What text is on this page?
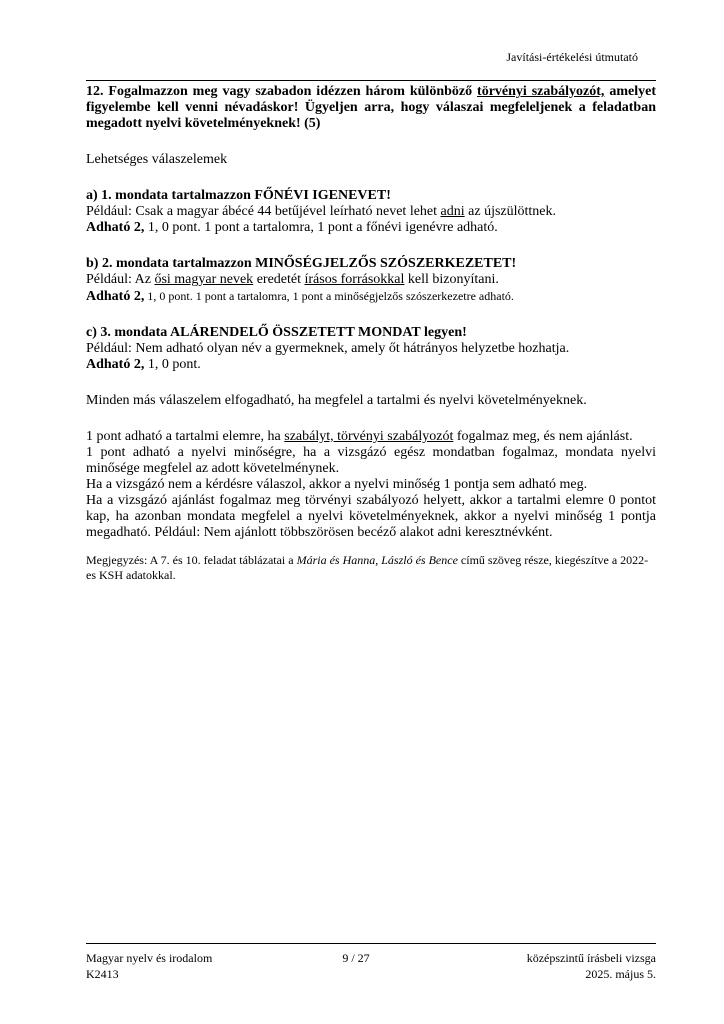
Javítási-értékelési útmutató

12. Fogalmazzon meg vagy szabadon idézzen három különböző törvényi szabályozót, amelyet figyelembe kell venni névadáskor! Ügyeljen arra, hogy válaszai megfeleljenek a feladatban megadott nyelvi követelményeknek! (5)

Lehetséges válaszelemek

a) 1. mondata tartalmazzon FŐNÉVI IGENEVET!

Például: Csak a magyar ábécé 44 betűjével leírható nevet lehet adni az újszülöttnek.

Adható 2, 1, 0 pont. 1 pont a tartalomra, 1 pont a főnévi igenévre adható.

b) 2. mondata tartalmazzon MINŐSÉGJELZŐS SZÓSZERKEZETET!

Például: Az ősi magyar nevek eredetét írásos forrásokkal kell bizonyítani.

Adható 2, 1, 0 pont. 1 pont a tartalomra, 1 pont a minőségjelzős szószerkezetre adható.

c) 3. mondata ALÁRENDELŐ ÖSSZETETT MONDAT legyen!

Például: Nem adható olyan név a gyermeknek, amely őt hátrányos helyzetbe hozhatja.

Adható 2, 1, 0 pont.

Minden más válaszelem elfogadható, ha megfelel a tartalmi és nyelvi követelményeknek.

1 pont adható a tartalmi elemre, ha szabályt, törvényi szabályozót fogalmaz meg, és nem ajánlást.

1 pont adható a nyelvi minőségre, ha a vizsgázó egész mondatban fogalmaz, mondata nyelvi minősége megfelel az adott követelménynek.

Ha a vizsgázó nem a kérdésre válaszol, akkor a nyelvi minőség 1 pontja sem adható meg.

Ha a vizsgázó ajánlást fogalmaz meg törvényi szabályozó helyett, akkor a tartalmi elemre 0 pontot kap, ha azonban mondata megfelel a nyelvi követelményeknek, akkor a nyelvi minőség 1 pontja megadható. Például: Nem ajánlott többszörösen becéző alakot adni keresztnévként.

Megjegyzés: A 7. és 10. feladat táblázatai a Mária és Hanna, László és Bence című szöveg része, kiegészítve a 2022-es KSH adatokkal.

Magyar nyelv és irodalom
K2413
9 / 27	középszintű írásbeli vizsga
2025. május 5.
